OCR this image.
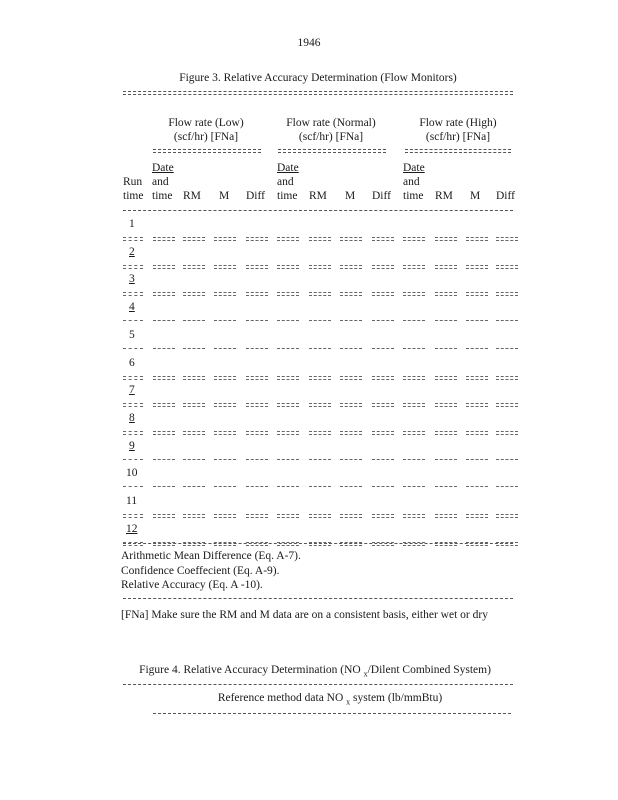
1946
Figure 3. Relative Accuracy Determination (Flow Monitors)
Flow rate (Low)
(scf/hr) [FNa]
Flow rate (Normal)
(scf/hr) [FNa]
Flow rate (High)
(scf/hr) [FNa]
Run
time
Date
and
time RM M Diff
Date
and
time RM M Diff
Date
and
time RM M Diff
1
2
3
4
5
6
7
8
9
10
11
12
Arithmetic Mean Difference (Eq. A-7).
Confidence Coeffecient (Eq. A-9).
Relative Accuracy (Eq. A -10).
[FNa] Make sure the RM and M data are on a consistent basis, either wet or dry
Figure 4. Relative Accuracy Determination (NO $_x$/Dilent Combined System)
Reference method data NO $_x$ system (lb/mmBtu)
